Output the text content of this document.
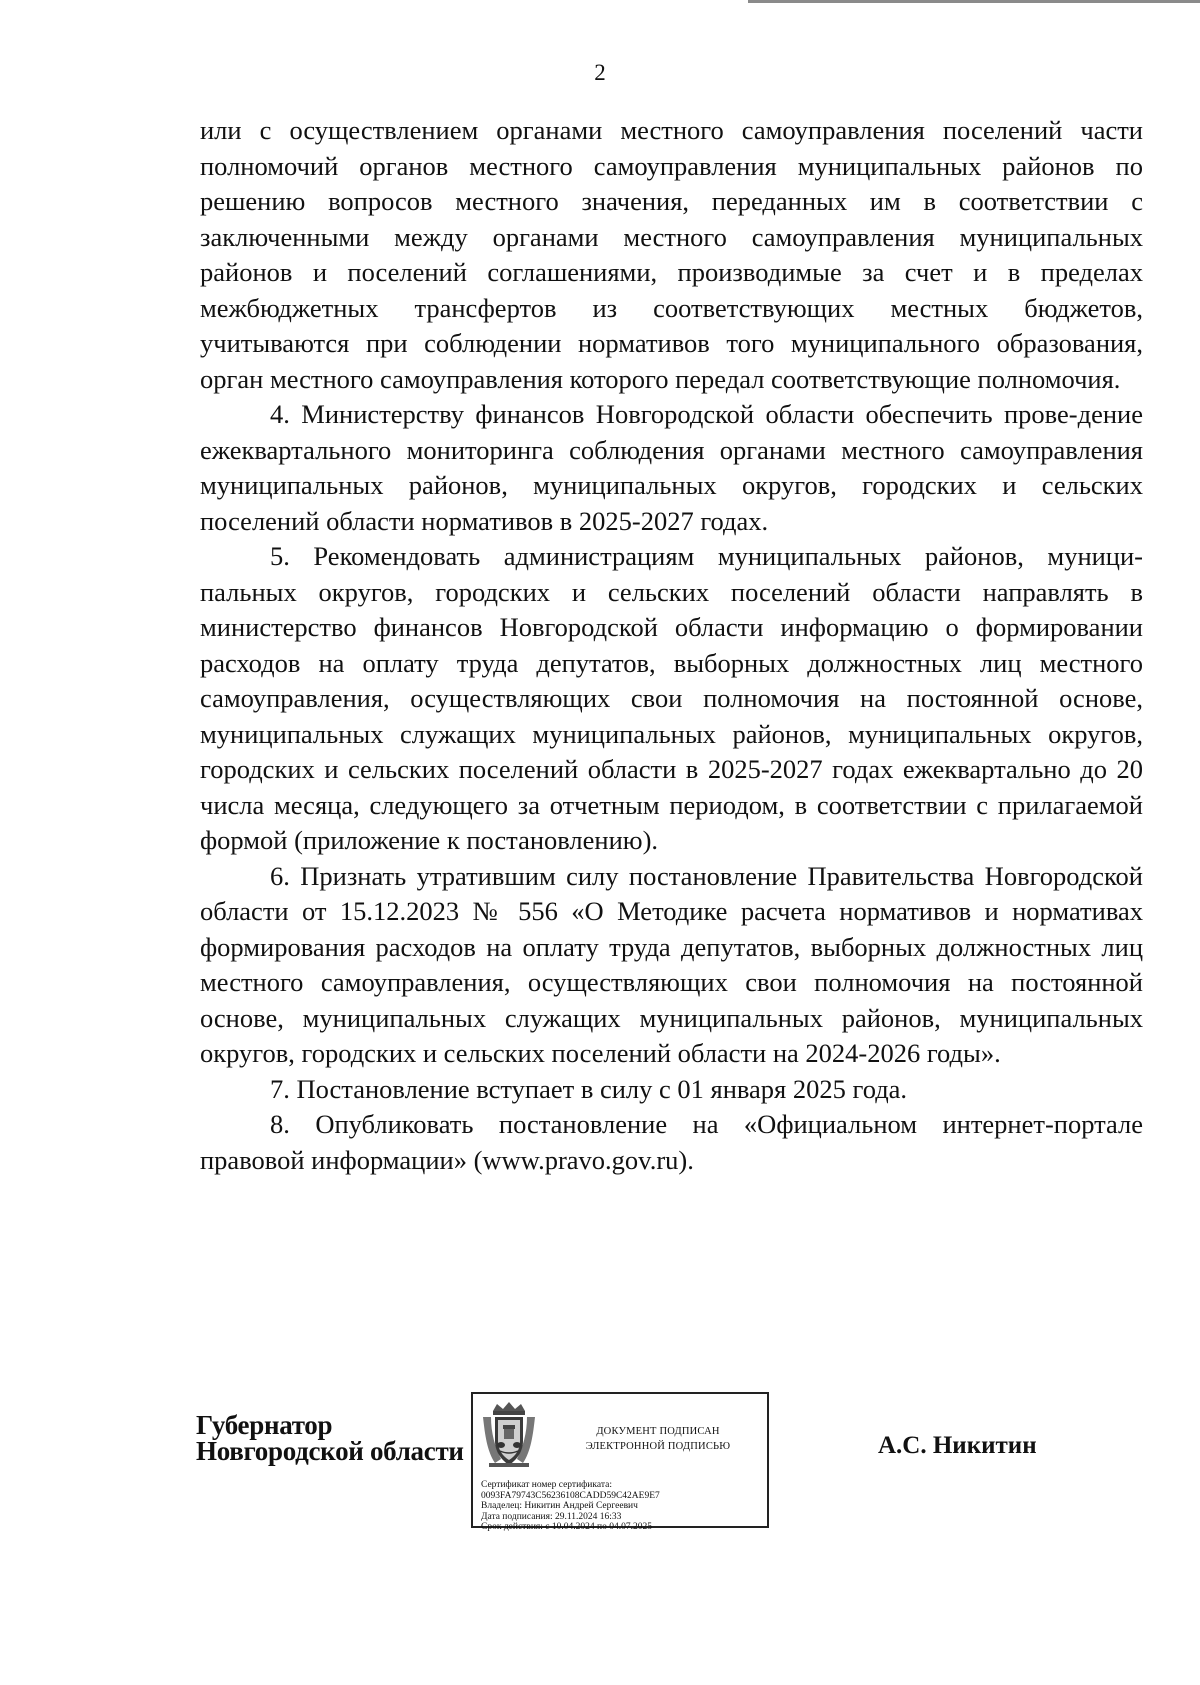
2

или с осуществлением органами местного самоуправления поселений части полномочий органов местного самоуправления муниципальных районов по решению вопросов местного значения, переданных им в соответствии с заключенными между органами местного самоуправления муниципальных районов и поселений соглашениями, производимые за счет и в пределах межбюджетных трансфертов из соответствующих местных бюджетов, учитываются при соблюдении нормативов того муниципального образования, орган местного самоуправления которого передал соответствующие полномочия.

4. Министерству финансов Новгородской области обеспечить прове-дение ежеквартального мониторинга соблюдения органами местного самоуправления муниципальных районов, муниципальных округов, городских и сельских поселений области нормативов в 2025-2027 годах.

5. Рекомендовать администрациям муниципальных районов, муници-пальных округов, городских и сельских поселений области направлять в министерство финансов Новгородской области информацию о формировании расходов на оплату труда депутатов, выборных должностных лиц местного самоуправления, осуществляющих свои полномочия на постоянной основе, муниципальных служащих муниципальных районов, муниципальных округов, городских и сельских поселений области в 2025-2027 годах ежеквартально до 20 числа месяца, следующего за отчетным периодом, в соответствии с прилагаемой формой (приложение к постановлению).

6. Признать утратившим силу постановление Правительства Новгородской области от 15.12.2023 № 556 «О Методике расчета нормативов и нормативах формирования расходов на оплату труда депутатов, выборных должностных лиц местного самоуправления, осуществляющих свои полномочия на постоянной основе, муниципальных служащих муниципальных районов, муниципальных округов, городских и сельских поселений области на 2024-2026 годы».

7. Постановление вступает в силу с 01 января 2025 года.

8. Опубликовать постановление на «Официальном интернет-портале правовой информации» (www.pravo.gov.ru).

Губернатор
Новгородской области
ДОКУМЕНТ ПОДПИСАН
ЭЛЕКТРОННОЙ ПОДПИСЬЮ
Сертификат номер сертификата:
0093FA79743C56236108CADD59C42AE9E7
Владелец: Никитин Андрей Сергеевич
Дата подписания: 29.11.2024 16:33
Срок действия: с 10.04.2024 по 04.07.2025
А.С. Никитин
